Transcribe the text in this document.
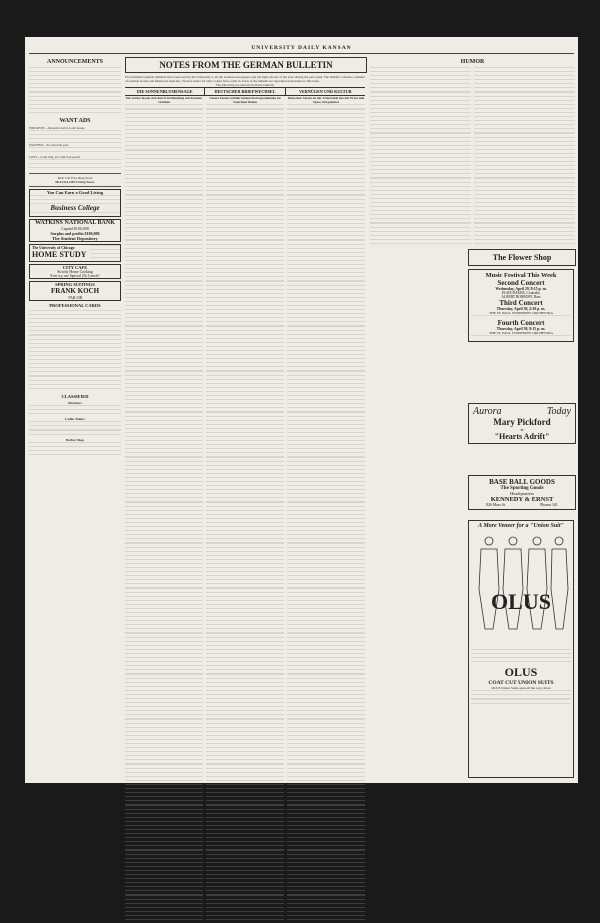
UNIVERSITY DAILY KANSAN
ANNOUNCEMENTS
WANT ADS
FOR RENT—Modern twelve room house
WANTED—To rent next year
LOST—Gold ring, set with four pearls
Msk: UR Your Drug Store
McCOLLOM'S Drug Store.
You Can Earn a Good Living
Business College
WATKINS NATIONAL BANK
Capital $100,000
Surplus and profits $100,000
The Student Depository
The University of Chicago
HOME STUDY
CITY CAFE
Strictly Home Cooking
Ever try our Special 25c Lunch?
SPRING SUITINGS
FRANK KOCH
TAILOR
PROFESSIONAL CARDS
CLASSIFIED
Plumbers
Ladies Tailors
Barber Shop
NOTES FROM THE GERMAN BULLETIN
We furnished German bulletins have been sent by the University to all the German newspapers and the high schools of the state during the past week. The bulletin contains a number of German stories and humorous sketches. Several orders for extra copies have come in. Parts of the bulletin are reproduced elsewhere in this issue.
The following are extracts from the bulletin:
DIE SONNENBLUMENSAGE	DEUTSCHER BRIEFWECHSEL	VERNÜGEN UND KULTUR
Die Götter lassen sich durch Verkündung mit Kunnen verleben
Unsere besten Schüler keinen Korrespondenten im Vaterland finden
Deutscher Verein an der Universität hat mit Ernst und Spass viel geleistet
HUMOR
The Flower Shop
Music Festival This Week
Second Concert
Wednesday, April 29, 8:15 p. m.
ELSIE BAKER, Contralto
ALBERT BORROFF, Bass
Third Concert
Thursday, April 30, 2:30 p. m.
THE ST. PAUL SYMPHONY ORCHESTRA
Fourth Concert
Thursday, April 30, 8:15 p. m.
THE ST. PAUL SYMPHONY ORCHESTRA
Aurora	Today
Mary Pickford
in
"Hearts Adrift"
BASE BALL GOODS
The Sporting Goods
Headquarters
KENNEDY & ERNST
826 Mass St.	Phones 341
A More Veneer for a "Union Suit"
OLUS
OLUS
COAT CUT UNION SUITS
OLUS Union Suits open all the way down
